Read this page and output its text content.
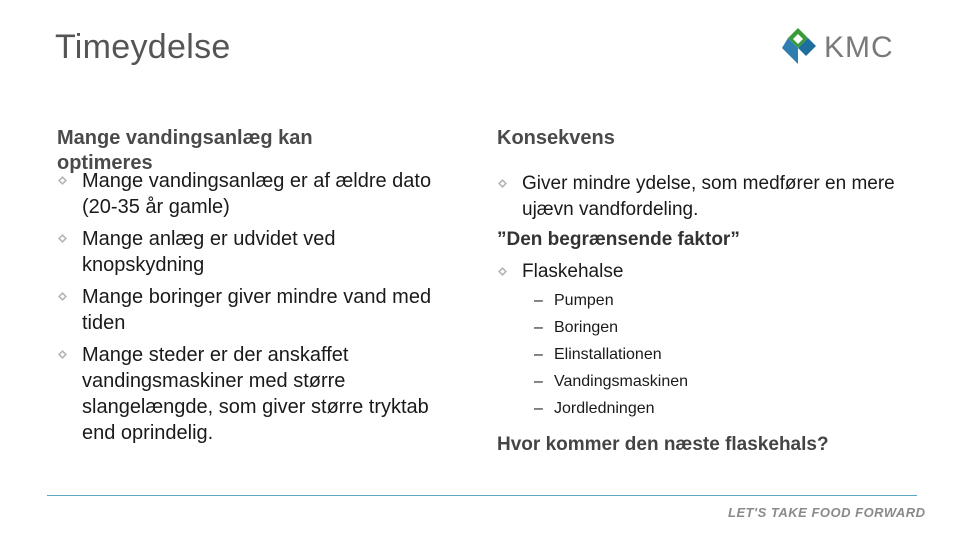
Timeydelse	KMC
Mange vandingsanlæg kan optimeres
Mange vandingsanlæg er af ældre dato (20-35 år gamle)
Mange anlæg er udvidet ved knopskydning
Mange boringer giver mindre vand med tiden
Mange steder er der anskaffet vandingsmaskiner med større slangelængde, som giver større tryktab end oprindelig.
Konsekvens
Giver mindre ydelse, som medfører en mere ujævn vandfordeling.
”Den begrænsende faktor”
Flaskehalse
– Pumpen
– Boringen
– Elinstallationen
– Vandingsmaskinen
– Jordledningen
Hvor kommer den næste flaskehals?
LET'S TAKE FOOD FORWARD
